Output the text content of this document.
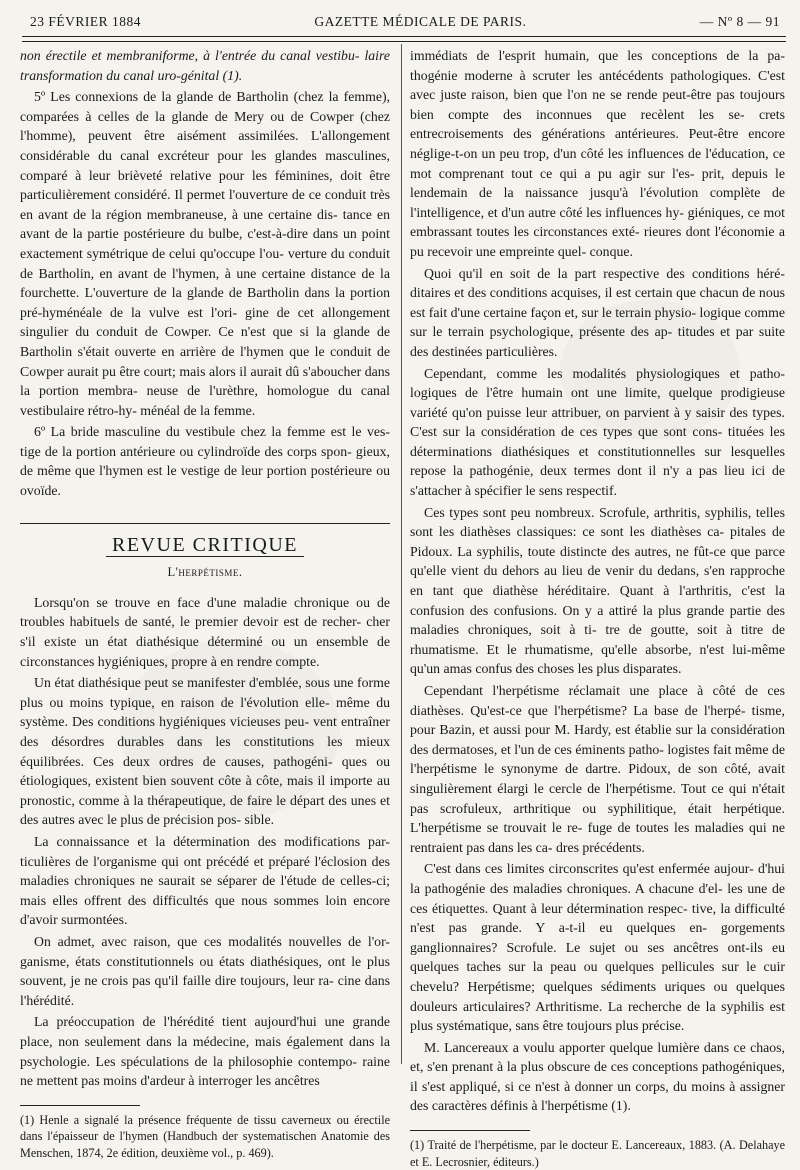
23 FÉVRIER 1884	GAZETTE MÉDICALE DE PARIS.	— Nº 8 — 91

non érectile et membraniforme, à l'entrée du canal vestibu- laire transformation du canal uro-génital (1).

5º Les connexions de la glande de Bartholin (chez la femme), comparées à celles de la glande de Mery ou de Cowper (chez l'homme), peuvent être aisément assimilées. L'allongement considérable du canal excréteur pour les glandes masculines, comparé à leur brièveté relative pour les féminines, doit être particulièrement considéré. Il permet l'ouverture de ce conduit très en avant de la région membraneuse, à une certaine dis- tance en avant de la partie postérieure du bulbe, c'est-à-dire dans un point exactement symétrique de celui qu'occupe l'ou- verture du conduit de Bartholin, en avant de l'hymen, à une certaine distance de la fourchette. L'ouverture de la glande de Bartholin dans la portion pré-hyménéale de la vulve est l'ori- gine de cet allongement singulier du conduit de Cowper. Ce n'est que si la glande de Bartholin s'était ouverte en arrière de l'hymen que le conduit de Cowper aurait pu être court; mais alors il aurait dû s'aboucher dans la portion membra- neuse de l'urèthre, homologue du canal vestibulaire rétro-hy- ménéal de la femme.

6º La bride masculine du vestibule chez la femme est le ves- tige de la portion antérieure ou cylindroïde des corps spon- gieux, de même que l'hymen est le vestige de leur portion postérieure ou ovoïde.

REVUE CRITIQUE
L'herpétisme.

Lorsqu'on se trouve en face d'une maladie chronique ou de troubles habituels de santé, le premier devoir est de recher- cher s'il existe un état diathésique déterminé ou un ensemble de circonstances hygiéniques, propre à en rendre compte.

Un état diathésique peut se manifester d'emblée, sous une forme plus ou moins typique, en raison de l'évolution elle- même du système. Des conditions hygiéniques vicieuses peu- vent entraîner des désordres durables dans les constitutions les mieux équilibrées. Ces deux ordres de causes, pathogéni- ques ou étiologiques, existent bien souvent côte à côte, mais il importe au pronostic, comme à la thérapeutique, de faire le départ des unes et des autres avec le plus de précision pos- sible.

La connaissance et la détermination des modifications par- ticulières de l'organisme qui ont précédé et préparé l'éclosion des maladies chroniques ne saurait se séparer de l'étude de celles-ci; mais elles offrent des difficultés que nous sommes loin encore d'avoir surmontées.

On admet, avec raison, que ces modalités nouvelles de l'or- ganisme, états constitutionnels ou états diathésiques, ont le plus souvent, je ne crois pas qu'il faille dire toujours, leur ra- cine dans l'hérédité.

La préoccupation de l'hérédité tient aujourd'hui une grande place, non seulement dans la médecine, mais également dans la psychologie. Les spéculations de la philosophie contempo- raine ne mettent pas moins d'ardeur à interroger les ancêtres

(1) Henle a signalé la présence fréquente de tissu caverneux ou érectile dans l'épaisseur de l'hymen (Handbuch der systematischen Anatomie des Menschen, 1874, 2e édition, deuxième vol., p. 469).

immédiats de l'esprit humain, que les conceptions de la pa- thogénie moderne à scruter les antécédents pathologiques. C'est avec juste raison, bien que l'on ne se rende peut-être pas toujours bien compte des inconnues que recèlent les se- crets entrecroisements des générations antérieures. Peut-être encore néglige-t-on un peu trop, d'un côté les influences de l'éducation, ce mot comprenant tout ce qui a pu agir sur l'es- prit, depuis le lendemain de la naissance jusqu'à l'évolution complète de l'intelligence, et d'un autre côté les influences hy- giéniques, ce mot embrassant toutes les circonstances exté- rieures dont l'économie a pu recevoir une empreinte quel- conque.

Quoi qu'il en soit de la part respective des conditions héré- ditaires et des conditions acquises, il est certain que chacun de nous est fait d'une certaine façon et, sur le terrain physio- logique comme sur le terrain psychologique, présente des ap- titudes et par suite des destinées particulières.

Cependant, comme les modalités physiologiques et patho- logiques de l'être humain ont une limite, quelque prodigieuse variété qu'on puisse leur attribuer, on parvient à y saisir des types. C'est sur la considération de ces types que sont cons- tituées les déterminations diathésiques et constitutionnelles sur lesquelles repose la pathogénie, deux termes dont il n'y a pas lieu ici de s'attacher à spécifier le sens respectif.

Ces types sont peu nombreux. Scrofule, arthritis, syphilis, telles sont les diathèses classiques: ce sont les diathèses ca- pitales de Pidoux. La syphilis, toute distincte des autres, ne fût-ce que parce qu'elle vient du dehors au lieu de venir du dedans, s'en rapproche en tant que diathèse héréditaire. Quant à l'arthritis, c'est la confusion des confusions. On y a attiré la plus grande partie des maladies chroniques, soit à ti- tre de goutte, soit à titre de rhumatisme. Et le rhumatisme, qu'elle absorbe, n'est lui-même qu'un amas confus des choses les plus disparates.

Cependant l'herpétisme réclamait une place à côté de ces diathèses. Qu'est-ce que l'herpétisme? La base de l'herpé- tisme, pour Bazin, et aussi pour M. Hardy, est établie sur la considération des dermatoses, et l'un de ces éminents patho- logistes fait même de l'herpétisme le synonyme de dartre. Pidoux, de son côté, avait singulièrement élargi le cercle de l'herpétisme. Tout ce qui n'était pas scrofuleux, arthritique ou syphilitique, était herpétique. L'herpétisme se trouvait le re- fuge de toutes les maladies qui ne rentraient pas dans les ca- dres précédents.

C'est dans ces limites circonscrites qu'est enfermée aujour- d'hui la pathogénie des maladies chroniques. A chacune d'el- les une de ces étiquettes. Quant à leur détermination respec- tive, la difficulté n'est pas grande. Y a-t-il eu quelques en- gorgements ganglionnaires? Scrofule. Le sujet ou ses ancêtres ont-ils eu quelques taches sur la peau ou quelques pellicules sur le cuir chevelu? Herpétisme; quelques sédiments uriques ou quelques douleurs articulaires? Arthritisme. La recherche de la syphilis est plus systématique, sans être toujours plus précise.

M. Lancereaux a voulu apporter quelque lumière dans ce chaos, et, s'en prenant à la plus obscure de ces conceptions pathogéniques, il s'est appliqué, si ce n'est à donner un corps, du moins à assigner des caractères définis à l'herpétisme (1).

(1) Traité de l'herpétisme, par le docteur E. Lancereaux, 1883. (A. Delahaye et E. Lecrosnier, éditeurs.)
